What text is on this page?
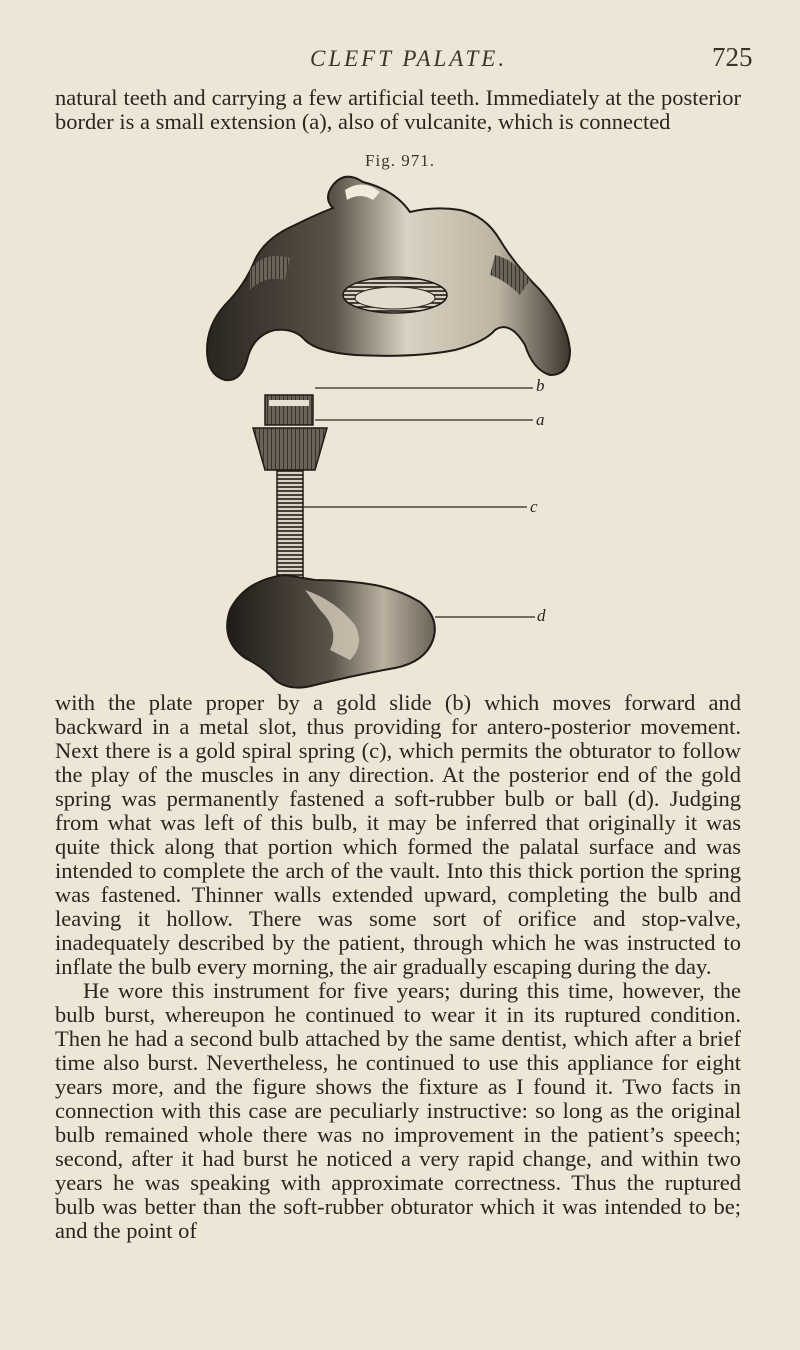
CLEFT PALATE.	725

natural teeth and carrying a few artificial teeth. Immediately at the posterior border is a small extension (a), also of vulcanite, which is connected

Fig. 971.
b
a
c
d

with the plate proper by a gold slide (b) which moves forward and backward in a metal slot, thus providing for antero-posterior movement. Next there is a gold spiral spring (c), which permits the obturator to follow the play of the muscles in any direction. At the posterior end of the gold spring was permanently fastened a soft-rubber bulb or ball (d). Judging from what was left of this bulb, it may be inferred that originally it was quite thick along that portion which formed the palatal surface and was intended to complete the arch of the vault. Into this thick portion the spring was fastened. Thinner walls extended upward, completing the bulb and leaving it hollow. There was some sort of orifice and stop-valve, inadequately described by the patient, through which he was instructed to inflate the bulb every morning, the air gradually escaping during the day.

He wore this instrument for five years; during this time, however, the bulb burst, whereupon he continued to wear it in its ruptured condition. Then he had a second bulb attached by the same dentist, which after a brief time also burst. Nevertheless, he continued to use this appliance for eight years more, and the figure shows the fixture as I found it. Two facts in connection with this case are peculiarly instructive: so long as the original bulb remained whole there was no improvement in the patient’s speech; second, after it had burst he noticed a very rapid change, and within two years he was speaking with approximate correctness. Thus the ruptured bulb was better than the soft-rubber obturator which it was intended to be; and the point of
